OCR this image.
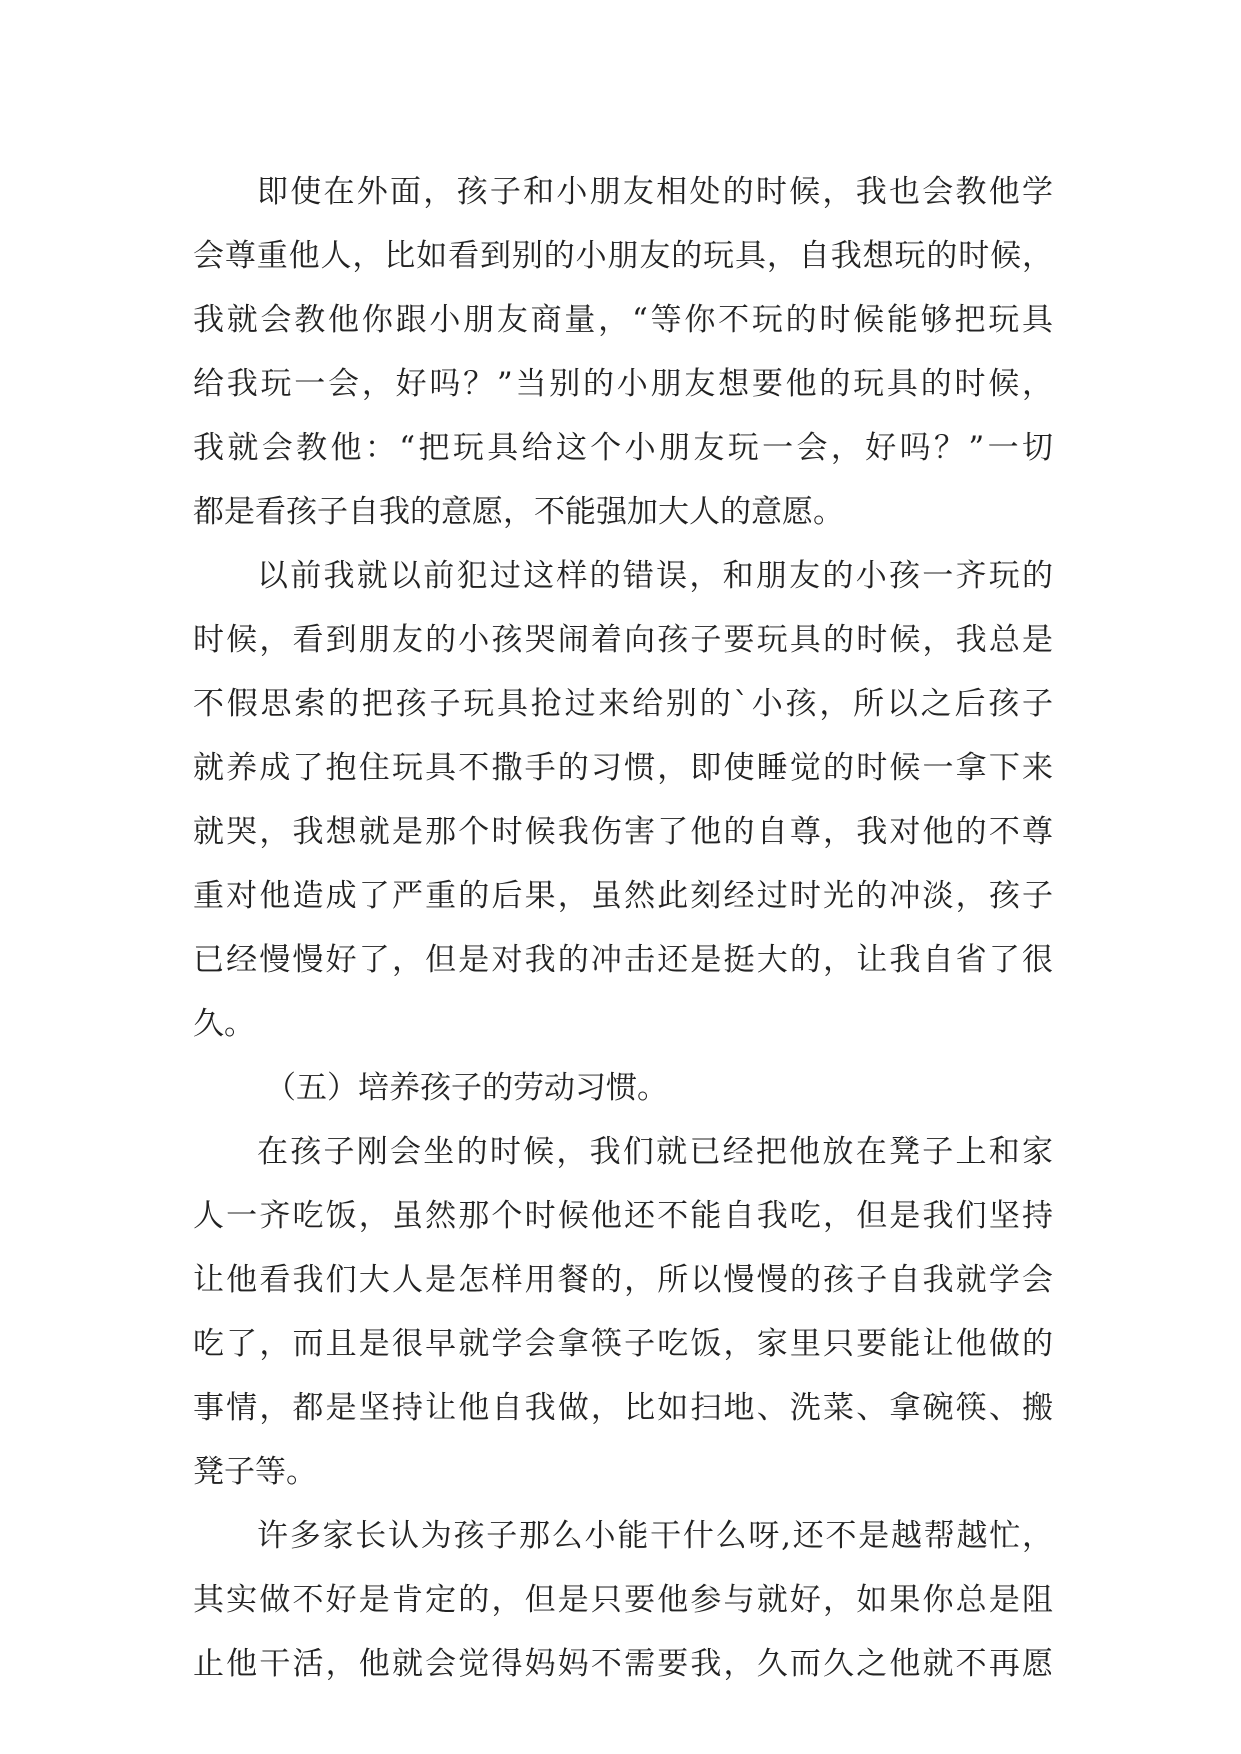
即使在外面，孩子和小朋友相处的时候，我也会教他学
会尊重他人，比如看到别的小朋友的玩具，自我想玩的时候，
我就会教他你跟小朋友商量，“等你不玩的时候能够把玩具
给我玩一会，好吗？”当别的小朋友想要他的玩具的时候，
我就会教他：“把玩具给这个小朋友玩一会，好吗？”一切
都是看孩子自我的意愿，不能强加大人的意愿。
以前我就以前犯过这样的错误，和朋友的小孩一齐玩的
时候，看到朋友的小孩哭闹着向孩子要玩具的时候，我总是
不假思索的把孩子玩具抢过来给别的`小孩，所以之后孩子
就养成了抱住玩具不撒手的习惯，即使睡觉的时候一拿下来
就哭，我想就是那个时候我伤害了他的自尊，我对他的不尊
重对他造成了严重的后果，虽然此刻经过时光的冲淡，孩子
已经慢慢好了，但是对我的冲击还是挺大的，让我自省了很
久。
（五）培养孩子的劳动习惯。
在孩子刚会坐的时候，我们就已经把他放在凳子上和家
人一齐吃饭，虽然那个时候他还不能自我吃，但是我们坚持
让他看我们大人是怎样用餐的，所以慢慢的孩子自我就学会
吃了，而且是很早就学会拿筷子吃饭，家里只要能让他做的
事情，都是坚持让他自我做，比如扫地、洗菜、拿碗筷、搬
凳子等。
许多家长认为孩子那么小能干什么呀,还不是越帮越忙，
其实做不好是肯定的，但是只要他参与就好，如果你总是阻
止他干活，他就会觉得妈妈不需要我，久而久之他就不再愿
